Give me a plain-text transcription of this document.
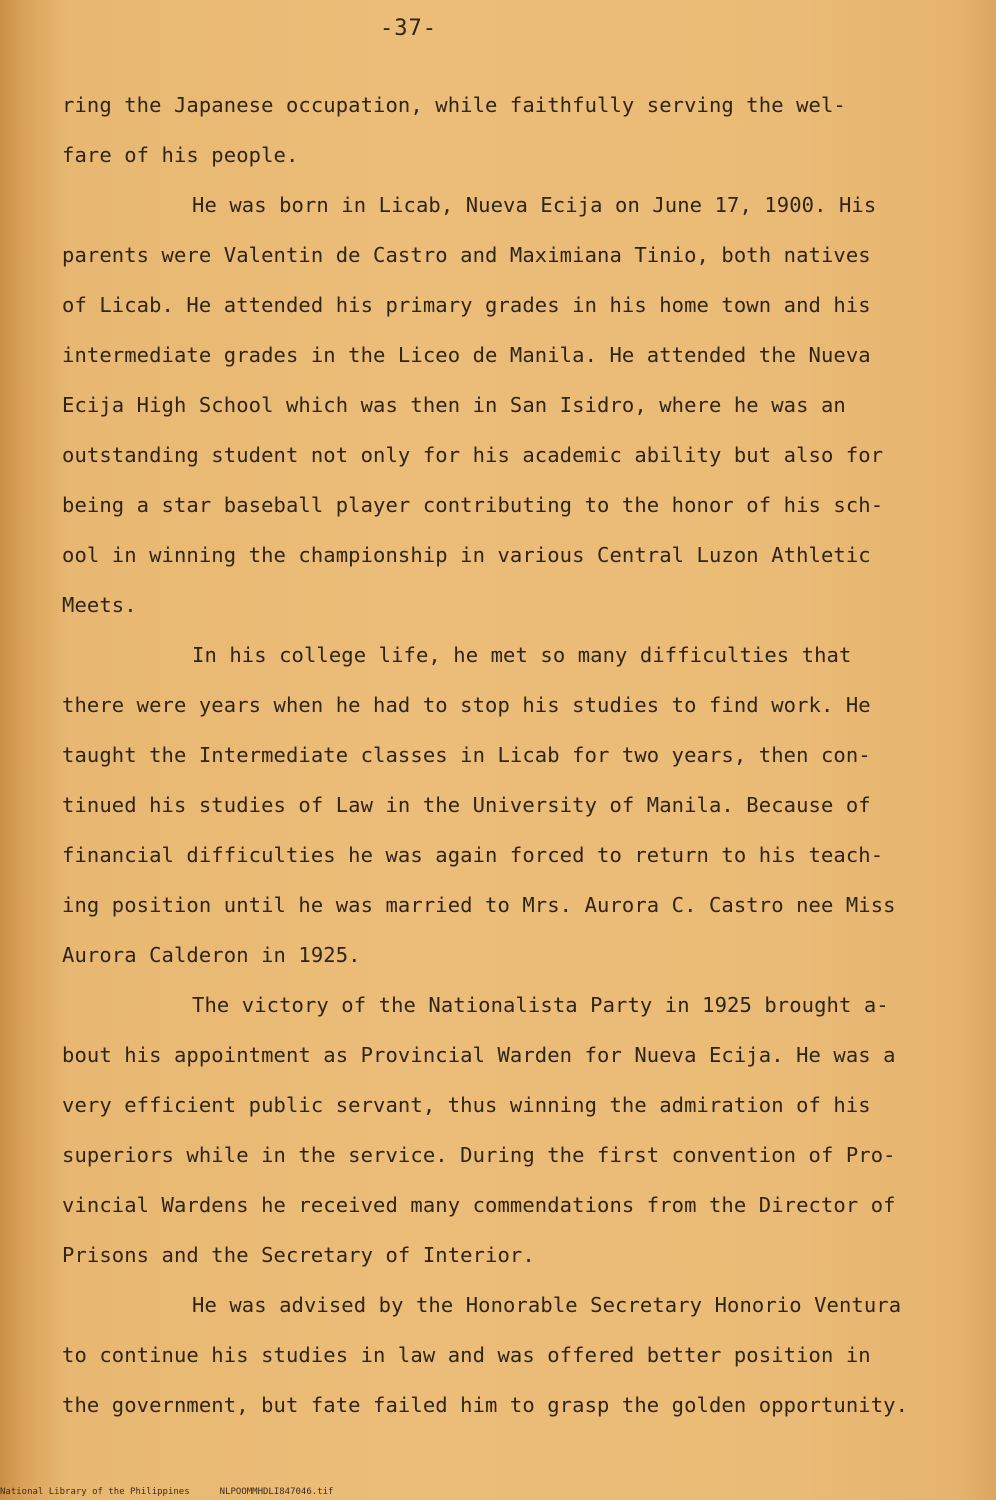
-37-
ring the Japanese occupation, while faithfully serving the wel-
fare of his people.
He was born in Licab, Nueva Ecija on June 17, 1900. His
parents were Valentin de Castro and Maximiana Tinio, both natives
of Licab. He attended his primary grades in his home town and his
intermediate grades in the Liceo de Manila. He attended the Nueva
Ecija High School which was then in San Isidro, where he was an
outstanding student not only for his academic ability but also for
being a star baseball player contributing to the honor of his sch-
ool in winning the championship in various Central Luzon Athletic
Meets.
In his college life, he met so many difficulties that
there were years when he had to stop his studies to find work. He
taught the Intermediate classes in Licab for two years, then con-
tinued his studies of Law in the University of Manila. Because of
financial difficulties he was again forced to return to his teach-
ing position until he was married to Mrs. Aurora C. Castro nee Miss
Aurora Calderon in 1925.
The victory of the Nationalista Party in 1925 brought a-
bout his appointment as Provincial Warden for Nueva Ecija. He was a
very efficient public servant, thus winning the admiration of his
superiors while in the service. During the first convention of Pro-
vincial Wardens he received many commendations from the Director of
Prisons and the Secretary of Interior.
He was advised by the Honorable Secretary Honorio Ventura
to continue his studies in law and was offered better position in
the government, but fate failed him to grasp the golden opportunity.
National Library of the Philippines	NLPOOMMHDLI847046.tif
